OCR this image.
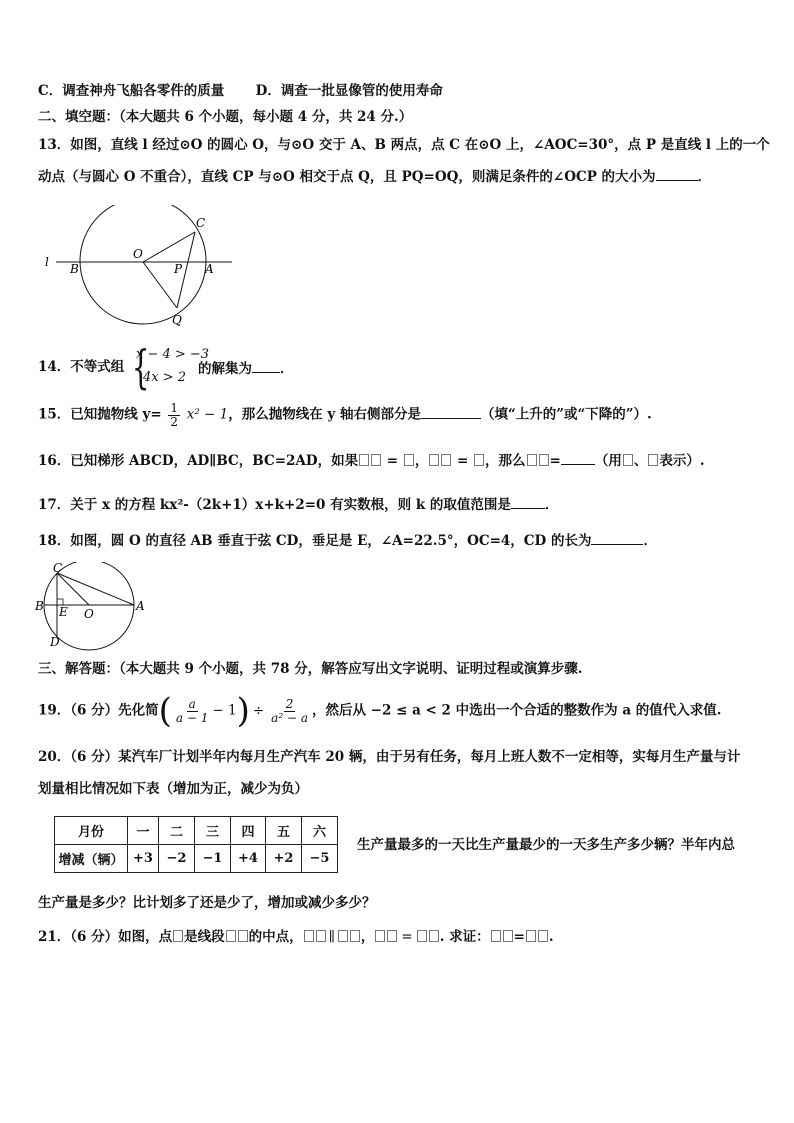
C．调查神舟飞船各零件的质量 D．调查一批显像管的使用寿命
二、填空题：（本大题共 6 个小题，每小题 4 分，共 24 分.）
13．如图，直线 l 经过⊙O 的圆心 O，与⊙O 交于 A、B 两点，点 C 在⊙O 上，∠AOC=30°，点 P 是直线 l 上的一个
动点（与圆心 O 不重合），直线 CP 与⊙O 相交于点 Q，且 PQ=OQ，则满足条件的∠OCP 的大小为	．
l B
O
C
P A
Q
14．不等式组 {
x − 4 > −3
4x > 2
的解集为 ．
15．已知抛物线 $y= \frac{1}{2} x^2 - 1$，那么抛物线在 y 轴右侧部分是	（填“上升的”或“下降的”）.
16．已知梯形 ABCD，AD∥BC，BC=2AD，如果 = ， = ，那么 =	（用 、 表示）.
17．关于 x 的方程 kx²-（2k+1）x+k+2=0 有实数根，则 k 的取值范围是	．
18．如图，圆 O 的直径 AB 垂直于弦 CD，垂足是 E，∠A=22.5°，OC=4，CD 的长为	．
C
B E O
A
D
三、解答题：（本大题共 9 个小题，共 78 分，解答应写出文字说明、证明过程或演算步骤.
19．（6 分）先化简( $\frac{a}{a - 1} - 1) \div \frac{2}{\text{a² − a}}$ ，然后从 −2 ≤ a < 2 中选出一个合适的整数作为 a 的值代入求值.
20．（6 分）某汽车厂计划半年内每月生产汽车 20 辆，由于另有任务，每月上班人数不一定相等，实每月生产量与计
划量相比情况如下表（增加为正，减少为负）
月份	一	二	三	四	五	六
增减（辆）	+3	−2	−1	+4	+2	−5
生产量最多的一天比生产量最少的一天多生产多少辆？半年内总
生产量是多少？比计划多了还是少了，增加或减少多少？
21．（6 分）如图，点 是线段 的中点， ∥ ， = . 求证： = .
